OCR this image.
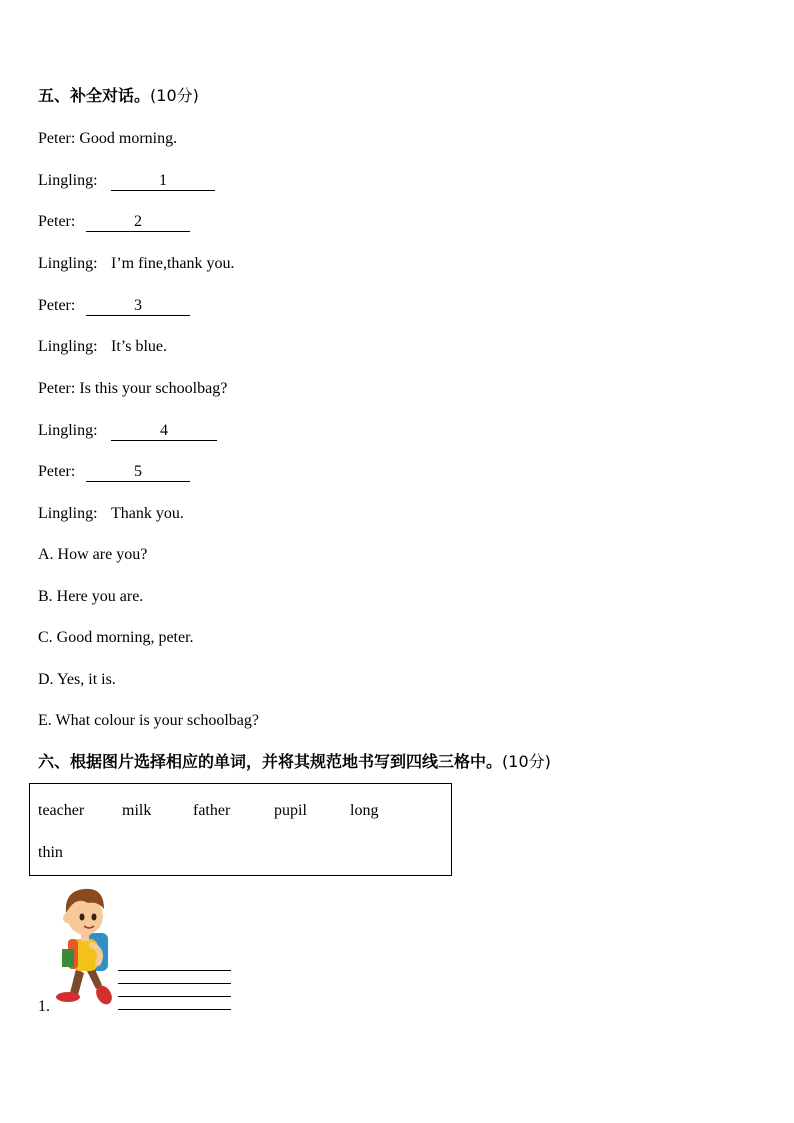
五、补全对话。(10分)
Peter: Good morning.
Lingling:	1
Peter:	2
Lingling: I’m fine,thank you.
Peter:	3
Lingling: It’s blue.
Peter: Is this your schoolbag?
Lingling:	4
Peter:	5
Lingling: Thank you.
A. How are you?
B. Here you are.
C. Good morning, peter.
D. Yes, it is.
E. What colour is your schoolbag?
六、根据图片选择相应的单词，并将其规范地书写到四线三格中。(10分)
teacher milk	father	pupil	long
thin
1.
